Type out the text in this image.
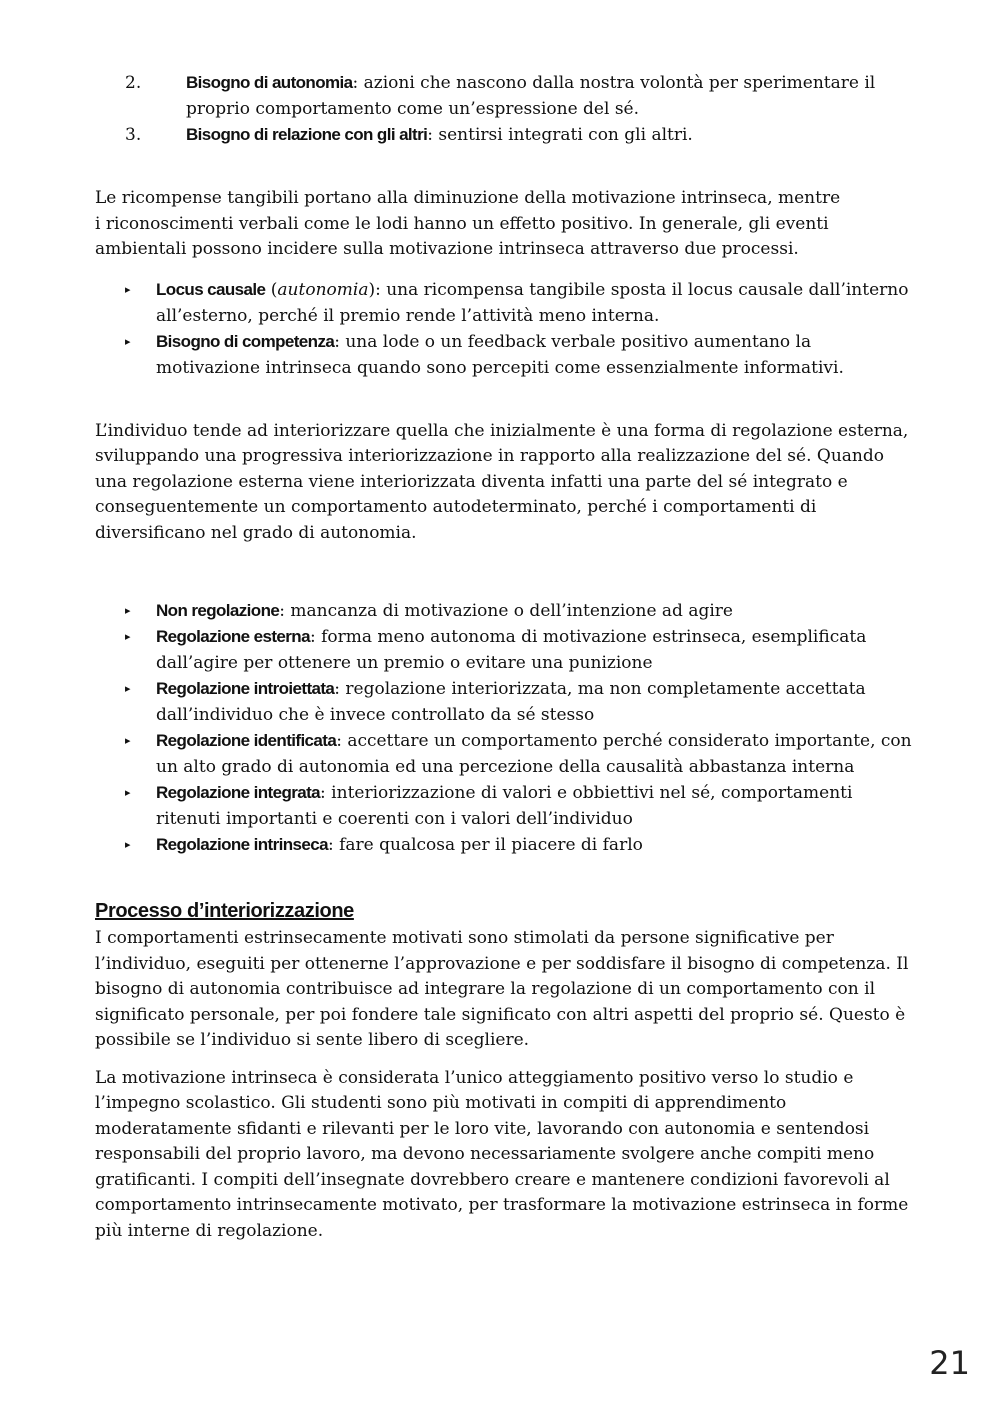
2.	Bisogno di autonomia: azioni che nascono dalla nostra volontà per sperimentare il proprio comportamento come un’espressione del sé.
3.	Bisogno di relazione con gli altri: sentirsi integrati con gli altri.

Le ricompense tangibili portano alla diminuzione della motivazione intrinseca, mentre i riconoscimenti verbali come le lodi hanno un effetto positivo. In generale, gli eventi ambientali possono incidere sulla motivazione intrinseca attraverso due processi.

▸ Locus causale (autonomia): una ricompensa tangibile sposta il locus causale dall’interno all’esterno, perché il premio rende l’attività meno interna.
▸ Bisogno di competenza: una lode o un feedback verbale positivo aumentano la motivazione intrinseca quando sono percepiti come essenzialmente informativi.

L’individuo tende ad interiorizzare quella che inizialmente è una forma di regolazione esterna, sviluppando una progressiva interiorizzazione in rapporto alla realizzazione del sé. Quando una regolazione esterna viene interiorizzata diventa infatti una parte del sé integrato e conseguentemente un comportamento autodeterminato, perché i comportamenti di diversificano nel grado di autonomia.

▸ Non regolazione: mancanza di motivazione o dell’intenzione ad agire
▸ Regolazione esterna: forma meno autonoma di motivazione estrinseca, esemplificata dall’agire per ottenere un premio o evitare una punizione
▸ Regolazione introiettata: regolazione interiorizzata, ma non completamente accettata dall’individuo che è invece controllato da sé stesso
▸ Regolazione identificata: accettare un comportamento perché considerato importante, con un alto grado di autonomia ed una percezione della causalità abbastanza interna
▸ Regolazione integrata: interiorizzazione di valori e obbiettivi nel sé, comportamenti ritenuti importanti e coerenti con i valori dell’individuo
▸ Regolazione intrinseca: fare qualcosa per il piacere di farlo
Processo d’interiorizzazione

I comportamenti estrinsecamente motivati sono stimolati da persone significative per l’individuo, eseguiti per ottenerne l’approvazione e per soddisfare il bisogno di competenza. Il bisogno di autonomia contribuisce ad integrare la regolazione di un comportamento con il significato personale, per poi fondere tale significato con altri aspetti del proprio sé. Questo è possibile se l’individuo si sente libero di scegliere.

La motivazione intrinseca è considerata l’unico atteggiamento positivo verso lo studio e l’impegno scolastico. Gli studenti sono più motivati in compiti di apprendimento moderatamente sfidanti e rilevanti per le loro vite, lavorando con autonomia e sentendosi responsabili del proprio lavoro, ma devono necessariamente svolgere anche compiti meno gratificanti. I compiti dell’insegnate dovrebbero creare e mantenere condizioni favorevoli al comportamento intrinsecamente motivato, per trasformare la motivazione estrinseca in forme più interne di regolazione.

21
